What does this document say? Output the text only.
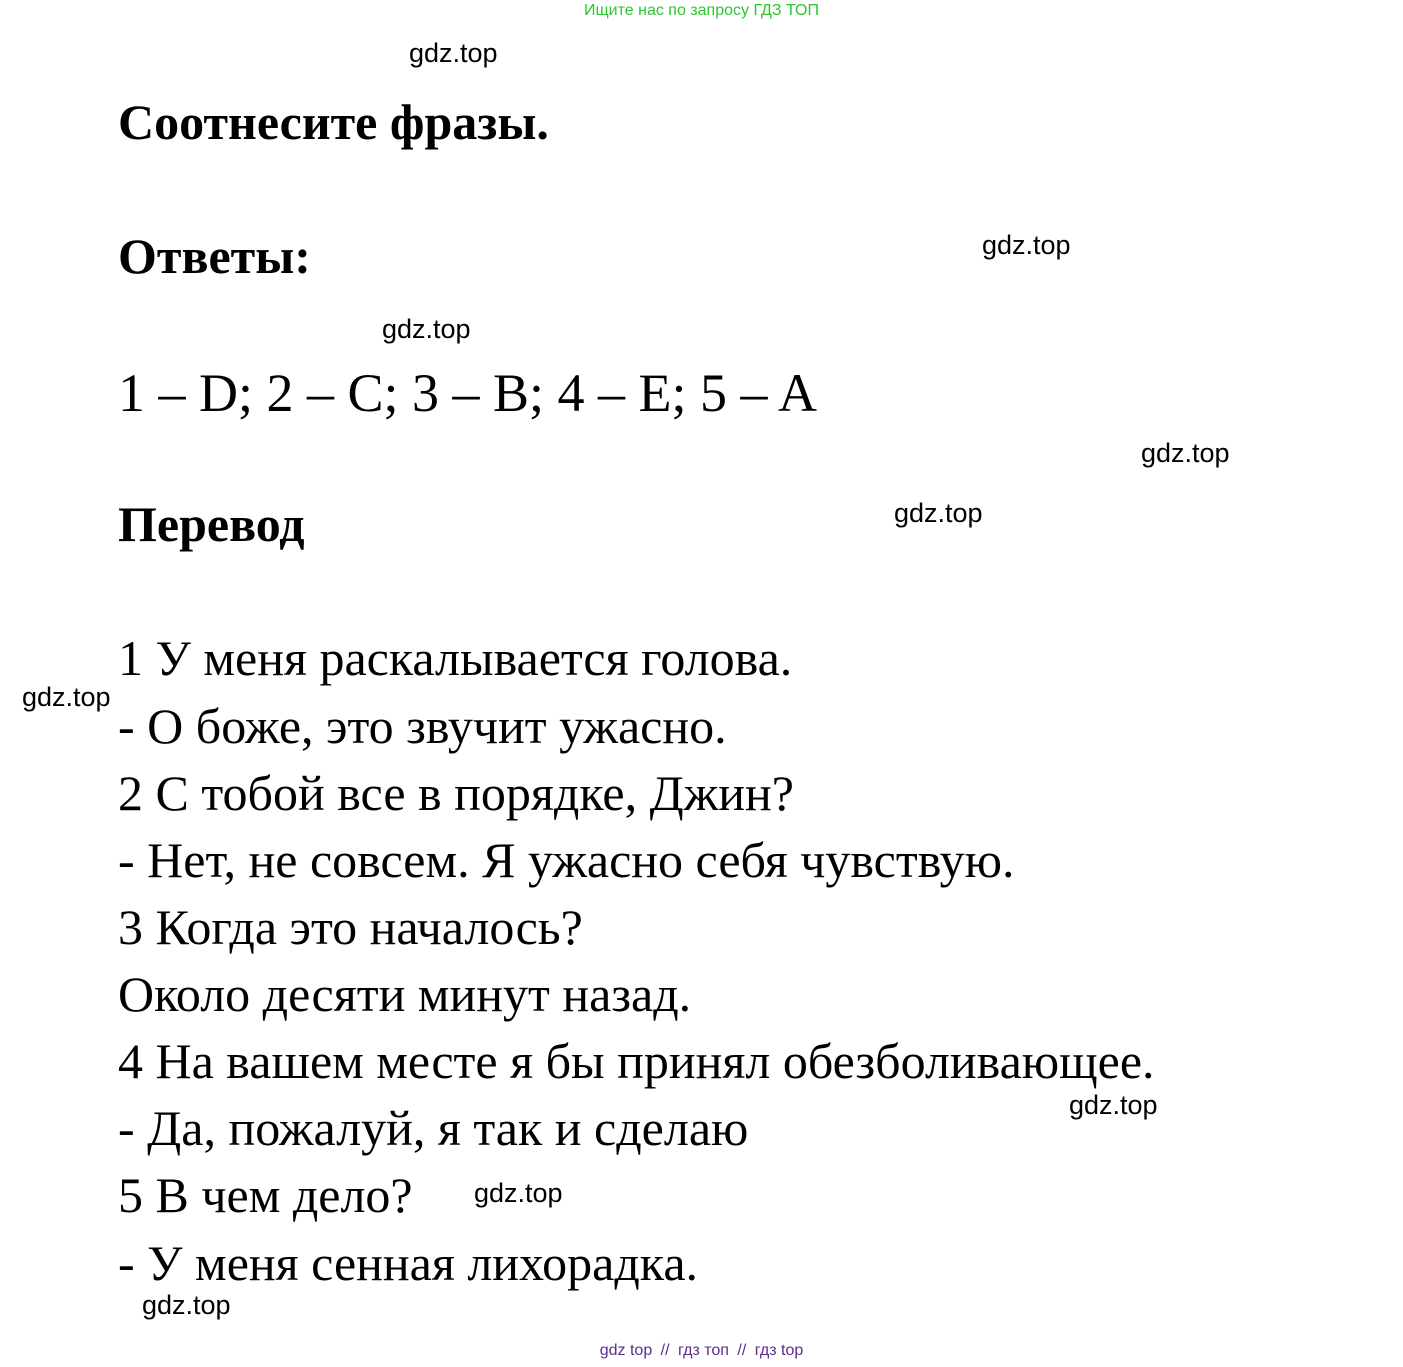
Ищите нас по запросу ГДЗ ТОП
gdz.top
gdz.top
gdz.top
gdz.top
gdz.top
gdz.top
gdz.top
gdz.top
gdz.top
Соотнесите фразы.
Ответы:
1 – D; 2 – C; 3 – B; 4 – E; 5 – A
Перевод
1 У меня раскалывается голова.
- О боже, это звучит ужасно.
2 С тобой все в порядке, Джин?
- Нет, не совсем. Я ужасно себя чувствую.
3 Когда это началось?
Около десяти минут назад.
4 На вашем месте я бы принял обезболивающее.
- Да, пожалуй, я так и сделаю
5 В чем дело?
- У меня сенная лихорадка.
gdz top // гдз топ // гдз top
